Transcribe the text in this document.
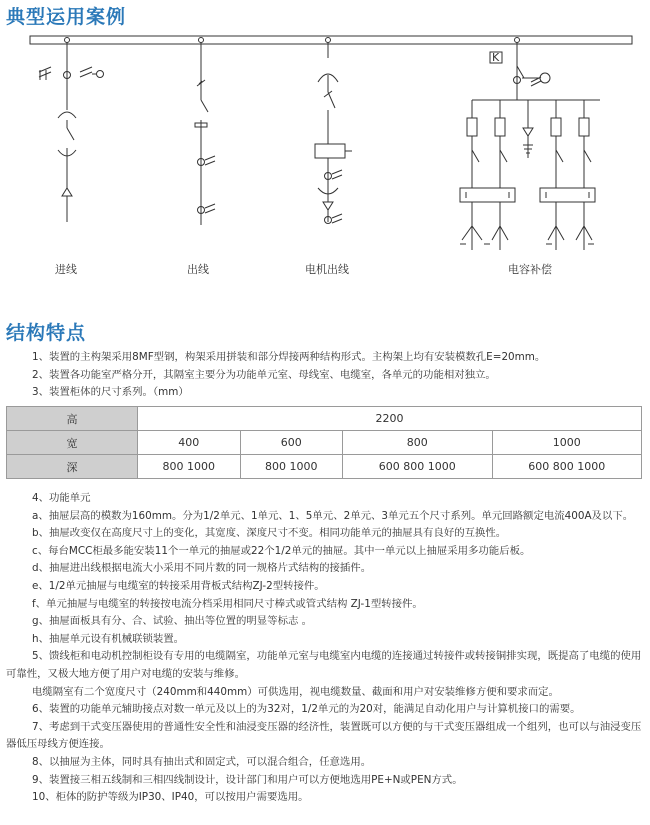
典型运用案例
K
进线	出线	电机出线	电容补偿
结构特点

1、装置的主构架采用8MF型钢，构架采用拼装和部分焊接两种结构形式。主构架上均有安装模数孔E=20mm。

2、装置各功能室严格分开，其隔室主要分为功能单元室、母线室、电缆室，各单元的功能相对独立。

3、装置柜体的尺寸系列。（mm）

高	2200			
宽	400	600	800	1000
深	800 1000	800 1000	600 800 1000	600 800 1000

4、功能单元

a、抽屉层高的模数为160mm。分为1/2单元、1单元、1、5单元、2单元、3单元五个尺寸系列。单元回路额定电流400A及以下。

b、抽屉改变仅在高度尺寸上的变化，其宽度、深度尺寸不变。相同功能单元的抽屉具有良好的互换性。

c、每台MCC柜最多能安装11个一单元的抽屉或22个1/2单元的抽屉。其中一单元以上抽屉采用多功能后板。

d、抽屉进出线根据电流大小采用不同片数的同一规格片式结构的接插件。

e、1/2单元抽屉与电缆室的转接采用背板式结构ZJ-2型转接件。

f、单元抽屉与电缆室的转接按电流分档采用相同尺寸棒式或管式结构 ZJ-1型转接件。

g、抽屉面板具有分、合、试验、抽出等位置的明显等标志 。

h、抽屉单元设有机械联锁装置。

5、馈线柜和电动机控制柜设有专用的电缆隔室，功能单元室与电缆室内电缆的连接通过转接件或转接铜排实现，既提高了电缆的使用可靠性，又极大地方便了用户对电缆的安装与维修。

电缆隔室有二个宽度尺寸（240mm和440mm）可供选用，视电缆数量、截面和用户对安装维修方便和要求而定。

6、装置的功能单元辅助接点对数一单元及以上的为32对，1/2单元的为20对，能满足自动化用户与计算机接口的需要。

7、考虑到干式变压器使用的普通性安全性和油浸变压器的经济性，装置既可以方便的与干式变压器组成一个组列，也可以与油浸变压器低压母线方便连接。

8、以抽屉为主体，同时具有抽出式和固定式，可以混合组合，任意选用。

9、装置接三相五线制和三相四线制设计，设计部门和用户可以方便地选用PE+N或PEN方式。

10、柜体的防护等级为IP30、IP40，可以按用户需要选用。
